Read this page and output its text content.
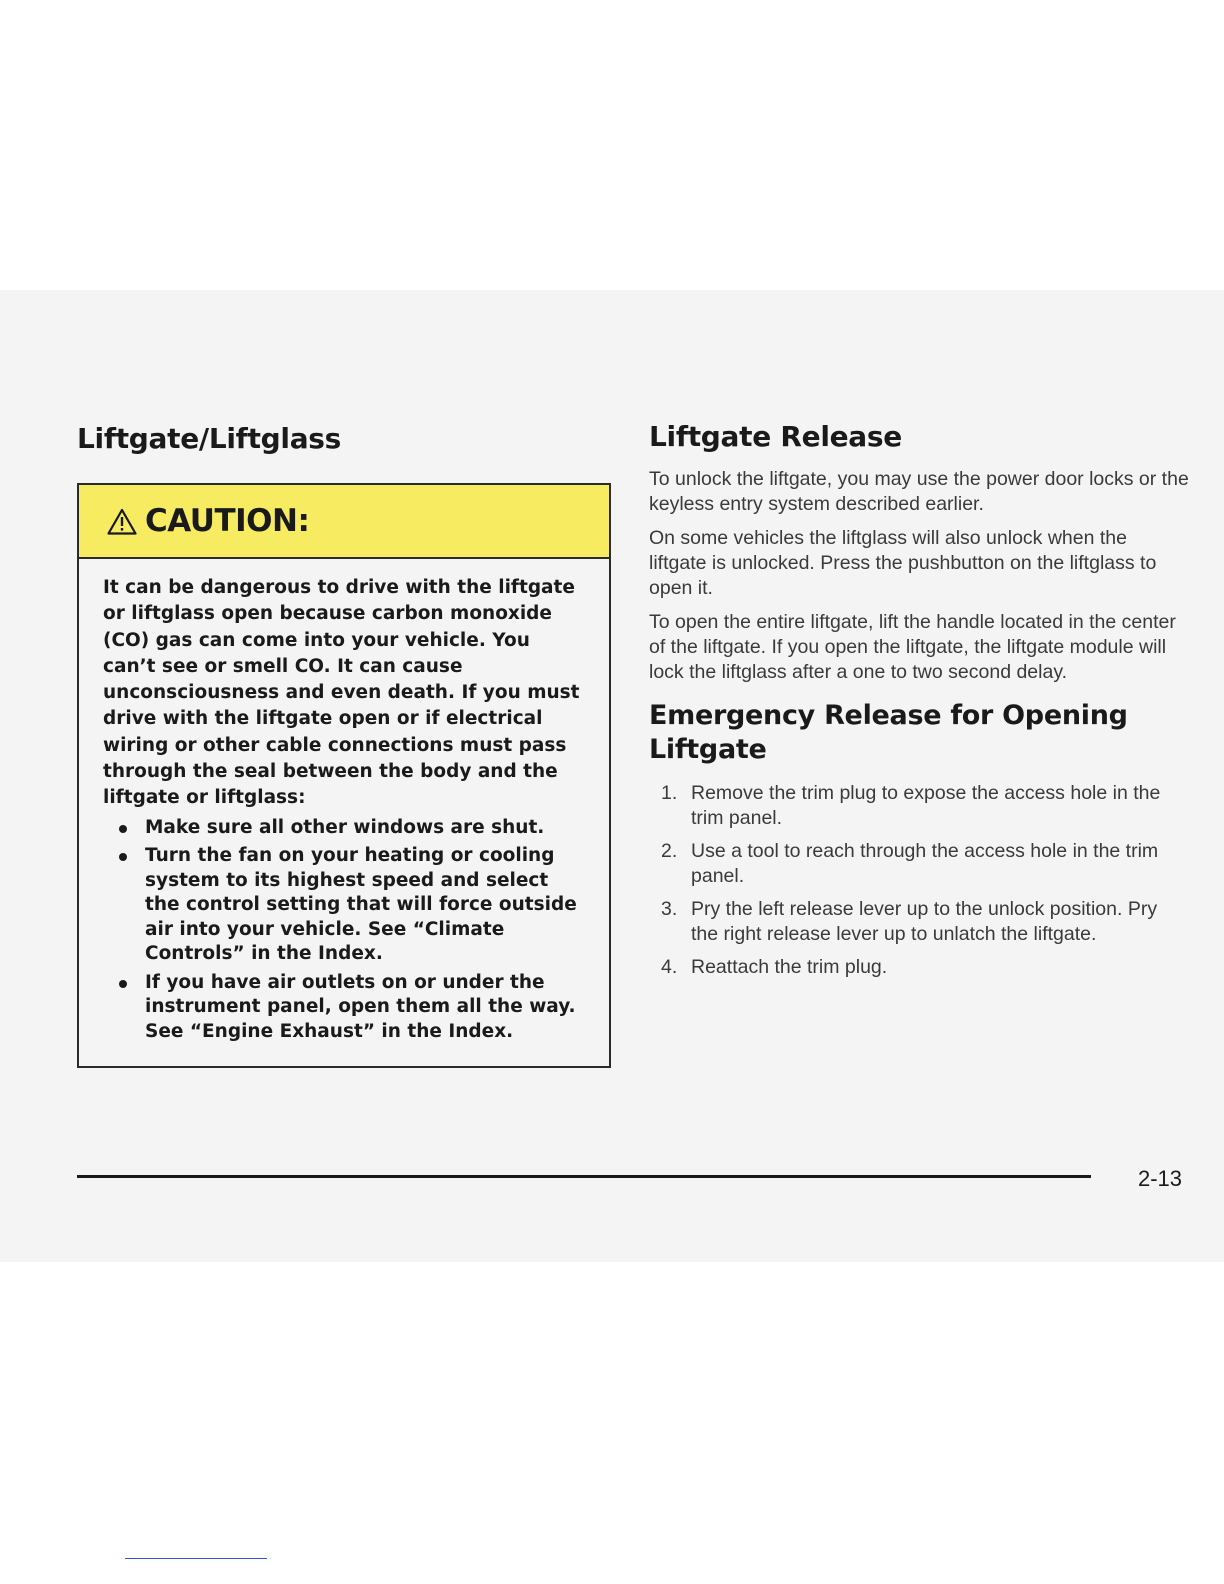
Liftgate/Liftglass
CAUTION:

It can be dangerous to drive with the liftgate or liftglass open because carbon monoxide (CO) gas can come into your vehicle. You can’t see or smell CO. It can cause unconsciousness and even death. If you must drive with the liftgate open or if electrical wiring or other cable connections must pass through the seal between the body and the liftgate or liftglass:

Make sure all other windows are shut.
Turn the fan on your heating or cooling system to its highest speed and select the control setting that will force outside air into your vehicle. See “Climate Controls” in the Index.
If you have air outlets on or under the instrument panel, open them all the way. See “Engine Exhaust” in the Index.
Liftgate Release

To unlock the liftgate, you may use the power door locks or the keyless entry system described earlier.

On some vehicles the liftglass will also unlock when the liftgate is unlocked. Press the pushbutton on the liftglass to open it.

To open the entire liftgate, lift the handle located in the center of the liftgate. If you open the liftgate, the liftgate module will lock the liftglass after a one to two second delay.

Emergency Release for Opening
Liftgate
1. Remove the trim plug to expose the access hole in the trim panel.
2. Use a tool to reach through the access hole in the trim panel.
3. Pry the left release lever up to the unlock position. Pry the right release lever up to unlatch the liftgate.
4. Reattach the trim plug.
2-13
